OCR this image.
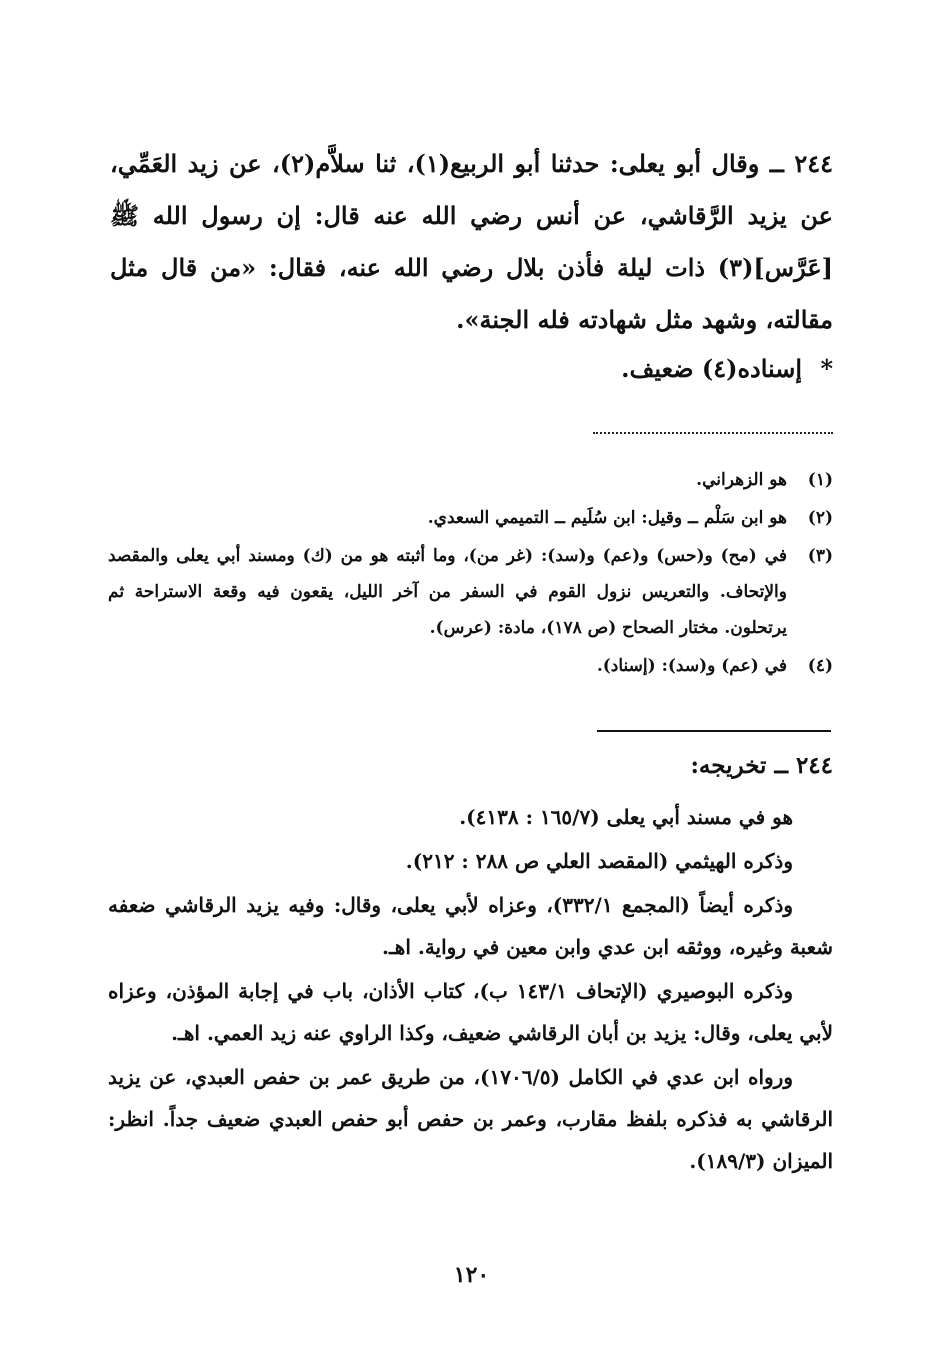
٢٤٤ ــ وقال أبو يعلى: حدثنا أبو الربيع(١)، ثنا سلاَّم(٢)، عن زيد العَمِّي، عن يزيد الرَّقاشي، عن أنس رضي الله عنه قال: إن رسول الله ﷺ [عَرَّس](٣) ذات ليلة فأذن بلال رضي الله عنه، فقال: «من قال مثل مقالته، وشهد مثل شهادته فله الجنة».

* إسناده(٤) ضعيف.
(١)
هو الزهراني.
(٢)
هو ابن سَلْم ــ وقيل: ابن سُلَيم ــ التميمي السعدي.
(٣)
في (مح) و(حس) و(عم) و(سد): (غر من)، وما أثبته هو من (ك) ومسند أبي يعلى والمقصد والإتحاف. والتعريس نزول القوم في السفر من آخر الليل، يقعون فيه وقعة الاستراحة ثم يرتحلون. مختار الصحاح (ص ١٧٨)، مادة: (عرس).
(٤)
في (عم) و(سد): (إسناد).
٢٤٤ ــ تخريجه:

هو في مسند أبي يعلى (١٦٥/٧ : ٤١٣٨).

وذكره الهيثمي (المقصد العلي ص ٢٨٨ : ٢١٢).

وذكره أيضاً (المجمع ٣٣٢/١)، وعزاه لأبي يعلى، وقال: وفيه يزيد الرقاشي ضعفه شعبة وغيره، ووثقه ابن عدي وابن معين في رواية. اهـ.

وذكره البوصيري (الإتحاف ١٤٣/١ ب)، كتاب الأذان، باب في إجابة المؤذن، وعزاه لأبي يعلى، وقال: يزيد بن أبان الرقاشي ضعيف، وكذا الراوي عنه زيد العمي. اهـ.

ورواه ابن عدي في الكامل (١٧٠٦/٥)، من طريق عمر بن حفص العبدي، عن يزيد الرقاشي به فذكره بلفظ مقارب، وعمر بن حفص أبو حفص العبدي ضعيف جداً. انظر: الميزان (١٨٩/٣).

١٢٠
